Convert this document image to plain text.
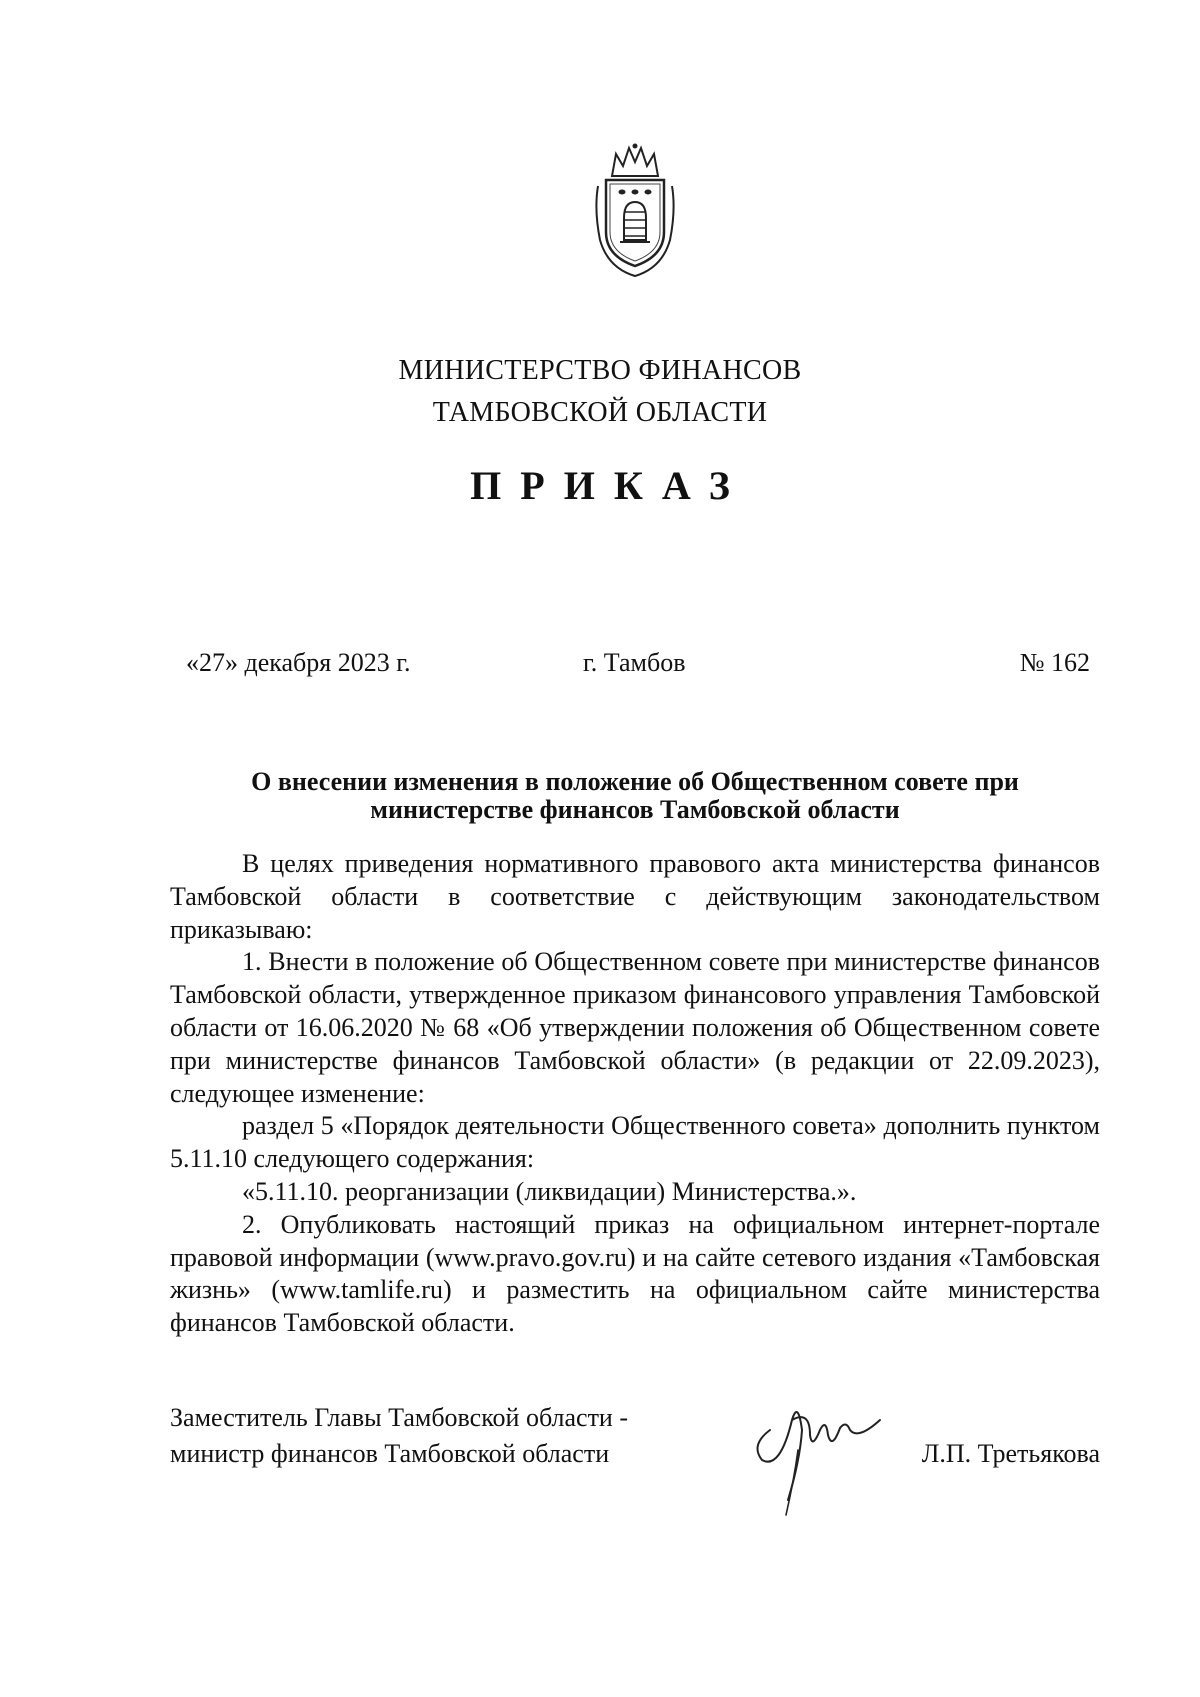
МИНИСТЕРСТВО ФИНАНСОВ
ТАМБОВСКОЙ ОБЛАСТИ
ПРИКАЗ
«27» декабря 2023 г.	г. Тамбов	№ 162
О внесении изменения в положение об Общественном совете при
министерстве финансов Тамбовской области

В целях приведения нормативного правового акта министерства финансов Тамбовской области в соответствие с действующим законодательством приказываю:

1. Внести в положение об Общественном совете при министерстве финансов Тамбовской области, утвержденное приказом финансового управления Тамбовской области от 16.06.2020 № 68 «Об утверждении положения об Общественном совете при министерстве финансов Тамбовской области» (в редакции от 22.09.2023), следующее изменение:

раздел 5 «Порядок деятельности Общественного совета» дополнить пунктом 5.11.10 следующего содержания:

«5.11.10. реорганизации (ликвидации) Министерства.».

2. Опубликовать настоящий приказ на официальном интернет-портале правовой информации (www.pravo.gov.ru) и на сайте сетевого издания «Тамбовская жизнь» (www.tamlife.ru) и разместить на официальном сайте министерства финансов Тамбовской области.

Заместитель Главы Тамбовской области -
министр финансов Тамбовской области	Л.П. Третьякова
